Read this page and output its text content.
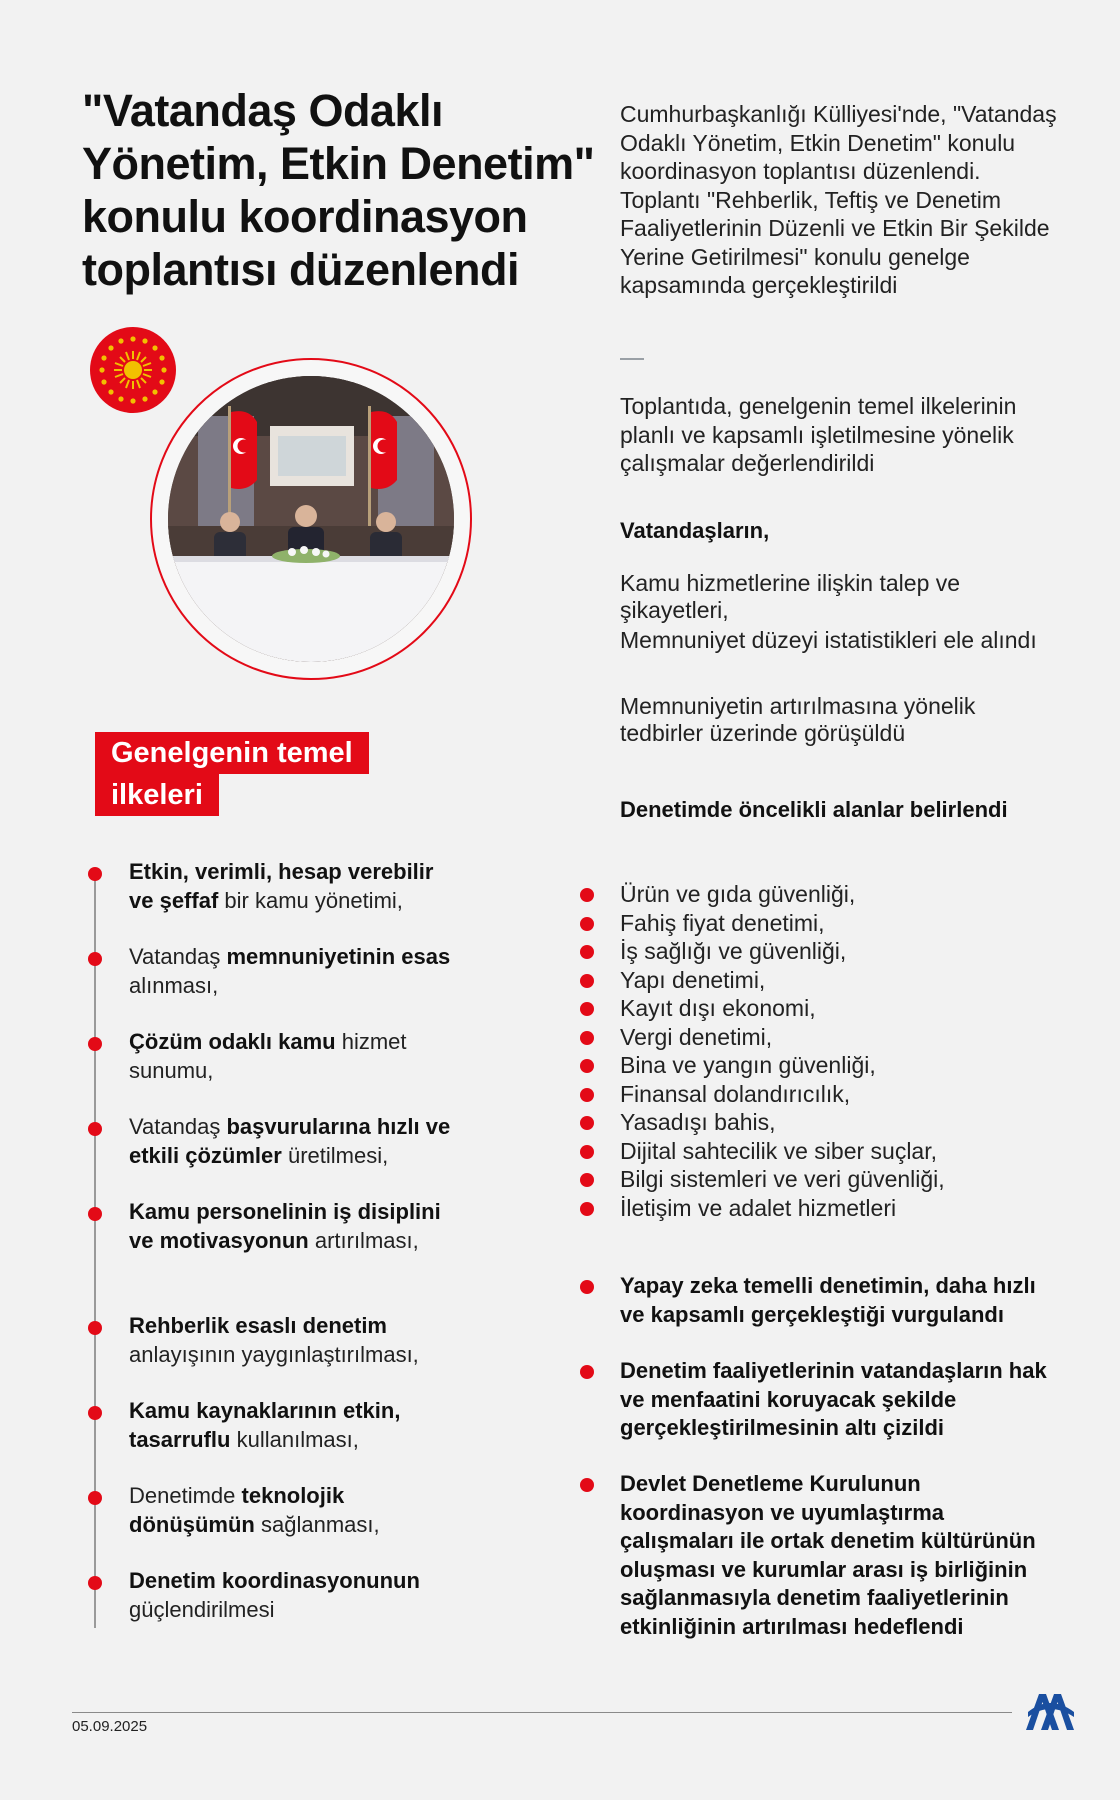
"Vatandaş Odaklı Yönetim, Etkin Denetim" konulu koordinasyon toplantısı düzenlendi

Cumhurbaşkanlığı Külliyesi'nde, "Vatandaş Odaklı Yönetim, Etkin Denetim" konulu koordinasyon toplantısı düzenlendi. Toplantı "Rehberlik, Teftiş ve Denetim Faaliyetlerinin Düzenli ve Etkin Bir Şekilde Yerine Getirilmesi" konulu genelge kapsamında gerçekleştirildi

Toplantıda, genelgenin temel ilkelerinin planlı ve kapsamlı işletilmesine yönelik çalışmalar değerlendirildi

Genelgenin temel
ilkeleri
Etkin, verimli, hesap verebilir ve şeffaf bir kamu yönetimi,
Vatandaş memnuniyetinin esas alınması,
Çözüm odaklı kamu hizmet sunumu,
Vatandaş başvurularına hızlı ve etkili çözümler üretilmesi,
Kamu personelinin iş disiplini ve motivasyonun artırılması,
Rehberlik esaslı denetim anlayışının yaygınlaştırılması,
Kamu kaynaklarının etkin, tasarruflu kullanılması,
Denetimde teknolojik dönüşümün sağlanması,
Denetim koordinasyonunun güçlendirilmesi
Vatandaşların,
Kamu hizmetlerine ilişkin talep ve şikayetleri,
Memnuniyet düzeyi istatistikleri ele alındı
Memnuniyetin artırılmasına yönelik tedbirler üzerinde görüşüldü
Denetimde öncelikli alanlar belirlendi
Ürün ve gıda güvenliği,
Fahiş fiyat denetimi,
İş sağlığı ve güvenliği,
Yapı denetimi,
Kayıt dışı ekonomi,
Vergi denetimi,
Bina ve yangın güvenliği,
Finansal dolandırıcılık,
Yasadışı bahis,
Dijital sahtecilik ve siber suçlar,
Bilgi sistemleri ve veri güvenliği,
İletişim ve adalet hizmetleri
Yapay zeka temelli denetimin, daha hızlı ve kapsamlı gerçekleştiği vurgulandı
Denetim faaliyetlerinin vatandaşların hak ve menfaatini koruyacak şekilde gerçekleştirilmesinin altı çizildi
Devlet Denetleme Kurulunun koordinasyon ve uyumlaştırma çalışmaları ile ortak denetim kültürünün oluşması ve kurumlar arası iş birliğinin sağlanmasıyla denetim faaliyetlerinin etkinliğinin artırılması hedeflendi
05.09.2025
